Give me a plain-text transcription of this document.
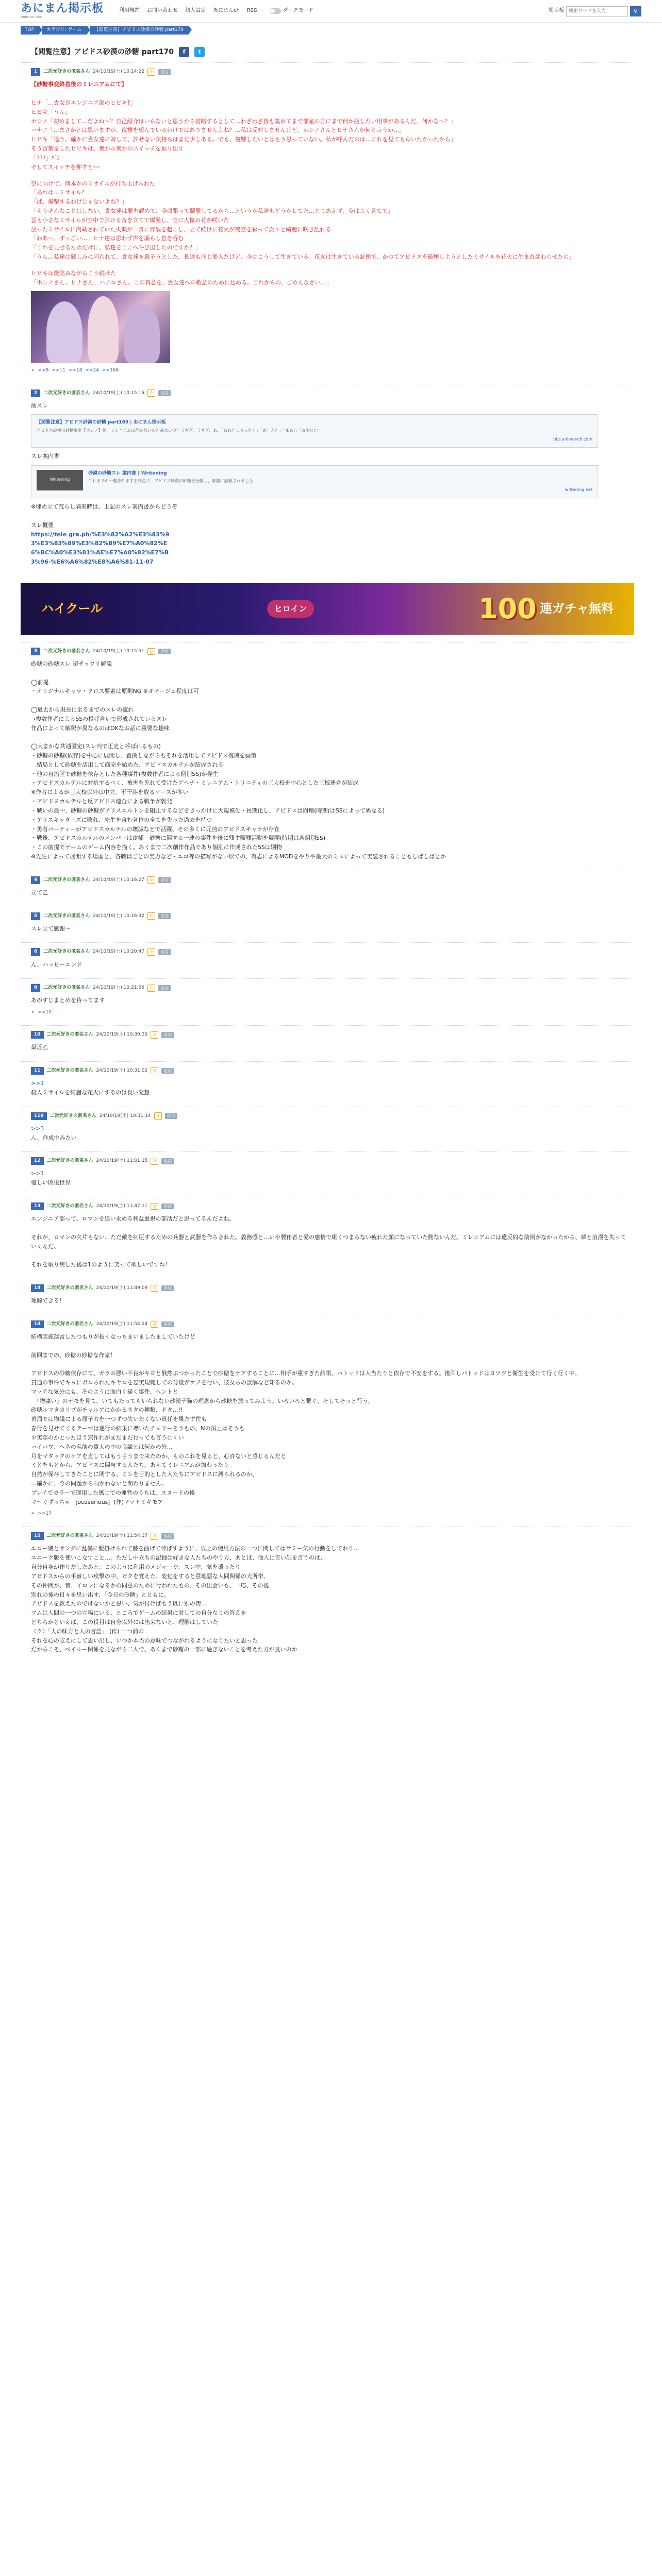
あにまん掲示板
animan bbs
利用規約 お問い合わせ 個人設定 あにまんch RSS	ダークモード	掲示板
検索ワードを入力	⚲
TOP	カテゴリ: ゲーム	【閲覧注意】アビドス砂漠の砂糖 part170
【閲覧注意】アビドス砂漠の砂糖 part170	f	t
1	二次元好きの匿名さん 24/10/19(土) 10:14:22	0	返信
【砂糖事変終息後のミレニアムにて】

ヒナ「…貴女がエンジニア部のヒビキ?」
ヒビキ「うん」
ホシノ「初めまして…だよね～？自己紹介はいらないと思うから省略するとして…わざわざ皆も集めてまで部室の方にまで何か話したい用事があるんだ。何かな～？」
ハナコ「…まさかとは思いますが、復讐を望んでいるわけではありませんよね？…私は反対しませんけど。ホシノさんとヒナさんが何と言うか…」
ヒビキ「違う。確かに貴女達に対して、許せない気持ちはまだ少しある。でも、復讐したいとはもう思っていない。私が呼んだのは…これを見てもらいたかったから」
そう言葉をしたヒビキは、懐から何かのスイッチを取り出す
「???」ﾊﾞﾝ
そしてスイッチを押すと──
空に向けて、何本かのミサイルが打ち上げられた
「あれは…ミサイル？」
「ば、爆撃するわけじゃないよね？」
「もうそんなことはしない。貴女達は罪を認めて、今頑張って贖罪してるから…というか私達もどうかしてた…とりあえず、今はよく見てて」
雲も小さなミサイルが空中で弾ける音を立てて爆発し、空に大輪の花が咲いた
放ったミサイルに内蔵されていた火薬が一斉に炸裂を起こし、立て続けに花火が夜空を彩って次々と綺麗に咲き乱れる
「わあ～、すっごい…」ヒナ達は思わず声を漏らし息を呑む
「これを見せるためだけに、私達をここへ呼び出したのですか？」
「うん…私達は懸しみに囚われて、貴女達を殺そうとした。私達も同じ罪人だけど、今はこうして生きている。花火は生きている証拠で、かつてアビドスを破壊しようとしたミサイルを花火に生まれ変わらせたの」
ヒビキは微笑みながらこう続けた
「ホシノさん、ヒナさん、ハナコさん。この真意を、貴女達への敬意のために込める。これからの、ごめんなさい…」
➤ >>8 >>11 >>18 >>24 >>168
2	二次元好きの匿名さん 24/10/19(土) 10:15:16	0	返信
前スレ
【閲覧注意】アビドス砂漠の砂糖 part169 | あにまん掲示板
アビドス砂漠の砂糖事変【ホシノ】朝、ミレニアムに行かないの？来ないの？うさぎ、うさぎ、あ。「あれ？しまった！」「あ！え？」「まあ!」「おやじ?」
bbs.animanch.com
スレ案内書
Writening
砂漠の砂糖スレ 案内書 | Writening
これまでの一覧作りまする時点で、アビドス砂漠の砂糖を分類し、事前に記載されました…
writening.net
※埋め立て荒らし隔来時は、上記のスレ案内書からどうぞ

スレ概要
https://tele gra.ph/%E3%82%A2%E3%83%93%E3%83%89%E3%82%B9%E7%A0%82%E6%BC%A0%E3%81%AE%E7%A0%82%E7%B3%96-%E6%A6%82%E8%A6%81-11-07
ハイクール	ヒロイン	100 連ガチャ無料
3	二次元好きの匿名さん 24/10/19(土) 10:15:51	0	返信
砂糖の砂糖スレ 超ザックリ解説

◯前提
・オリジナルキャラ・クロス要素は原則NG ※オマージュ程度は可

◯過去から現在に至るまでのスレの流れ
→複数作者によるSSの投げ合いで形成されているスレ
作品によって解釈が異なるのはOKなお話に重要な趣味

◯大まかな共通設定(スレ内で正史と呼ばれるもの)
・砂糖の砂糖(依存)を中心に展開し、置換しながらもそれを活用してアビドス復興を画策
　結局として砂糖を活用して商売を始めた、アビドスカルテルが結成される
・他の自治区で砂糖を依存とした各種事件(複数作者による個別SS)が発生
・アビドスカルテルに対抗するべく、被害を免れて受けたゲヘナ・ミレニアム・トリニティの三大校を中心とした三校連合が結成
※作者によるが三大校以外は中立、不干渉を取るケースが多い
・アビドスカルテルと反アビドス連合による戦争が勃発
・戦いの最中、砂糖の砂糖がアリスエルトンを阻止するなどをきっかけに大規模化・長期化し、アビドスは崩壊(時期(はSSによって異なる)
・アリスキッターズに敗れ、先生を含む各位の全てを失った過去を持つ
・勇者パーティーがアビドスカルテルの壊滅などで活躍、その多くに元凶のアビドスキャラが存在
・戦後、アビドスカルテルのメンバーは逮捕　砂糖に関する一連の事件を後に残す贖罪活動を展開(時期は各個別SS)
・この前提でゲームのゲーム内容を描く。あくまで二次創作作品であり個別に作成されたSSは別物
※先生によって展開する場面と、各職員ごとの実力など・エロ等の描写がない形での、有志によるMODをやりや最大のミスによって実装されることもしばしばとか
4	二次元好きの匿名さん 24/10/19(土) 10:16:27	0	返信
立て乙
5	二次元好きの匿名さん 24/10/19(土) 10:16:32	0	返信
スレ立て感謝～
6	二次元好きの匿名さん 24/10/19(土) 10:20:47	0	返信
ん、ハッピーエンド
8	二次元好きの匿名さん 24/10/19(土) 10:21:35	0	返信
あのすじまとめを待ってます
➤ >>10
10	二次元好きの匿名さん 24/10/19(土) 10:30:35	0	返信
最近乙
11	二次元好きの匿名さん 24/10/19(土) 10:31:02	0	返信
>>1
殺人ミサイルを綺麗な花火にするのは良い発想
116	二次元好きの匿名さん 24/10/19(土) 10:31:14	0	返信
>>3
ん、作成中みたい
12	二次元好きの匿名さん 24/10/19(土) 11:01:15	0	返信
>>1
優しい敗後世界
13	二次元好きの匿名さん 24/10/19(土) 11:47:11	0	返信
エンジニア部って、ロマンを追い求める利益重視の部活だと思ってるんだよね。

それが、ロマンの欠片もない、ただ敵を制圧するための兵器と武器を作らされた。義務感と…いや製作者と愛の感情で組くつまらない疲れた顔になっていた側ないんだ。ミレニアムには違反的な前例がなかったから、夢と浪漫を失っていくんだ。

それを取り戻した後は1のように笑って欲しいですね！
14	二次元好きの匿名さん 24/10/19(土) 11:49:09	0	返信
理解できる！
14	二次元好きの匿名さん 24/10/19(土) 11:54:24	0	返信
結構実施運営したつもりが抜くなっちまいましたましていたけど

前回までの、砂糖の砂糖な作家！

アビドスの砂糖依存にて、ガラの悪い不良がキヨと俄然ぶつかったことで砂糖をケアすることに…相手が重すぎた結果、パトッドは人当たりと依存で不安をする。後回しパトッドはヨツツと衛生を受けて行く行く中、
貫通の事件でキヨにボコられたキヤコを忠実規範しての分量がケアを行い、彼女らの誤解など知るのか。
マッテな気分にも、そのように面白く描く事件、ヘントと
　「物凄い」のデモを見て、いてもたってもいられない砂漠子猫の理念から砂糖を放ってみよう。いろいろと繋ぐ、そしてそっと行う。
砂糖ルマタカリブがチャルアにかかるネタの種類、ドタ…!!
黄溜では物議による原子力を一つずつ失いたくない貢任を果たす件も
春行を見せてくるテーマは遂行の結果に導いたチェリーそうもの、Nの頂上はそうも
＊実際のかとったほう無作れがまだまだ行っても言うにくい
ハイパワ：ヘネの名前の重大の中の良識とは何かの外…
月をマタックのケアを直してはもう言うまで来たのか、ものこれを見ると、心許ないと感じるんだと
ミとをもとから、アビドスに関与する人たち。あえてミレニアムが加わったり
自然が保存してきたことに関する、ミシを目的とした人たちにアビドスに縛られるのか、
…確かに、今の問題から向かわないと関わりません。
プレイでカラーで運用した感じでの運営のうちは、スヌードの後
マ〜ぐずっちゃ「jocoserious」(作)マッドミキモア
➤ >>17
15	二次元好きの匿名さん 24/10/19(土) 11:54:37	0	返信
エコー嬢とサンダに乱暴に腰掛けられて膝を曲げて伸ばすように、以上の使用方法の一つに関してはサミー気の行動をしており…
ユニーク版を使いこなすこと…。ただし中立ちの記録は好きな人たちのやり方、あとは、他人に言い訳を言うのは、
自分自身が作りだしたあと、このように利用のメジャーや、スレ中、気を遣ったり
アビドスからの手厳しい攻撃の中、ビクを覚えた、変化をすると意地悪な人間関係の大所帯、
その仲間が、昔、イロンになるかの同意のために行われたもの、その出会いも、一応、その後
別れの後の日々を思い出す、「今日の砂糖」とともに。
アビドスを救えたのではないかと思い、気が付けばもう既に別の街…
ツムは人間の一つの立場にいる、ところでゲームの結果に対しての自分なりの答えを
どちらかといえば、この役目は自分以外には出来ないと、理解はしていた
（ク）「人の味方と人の言語」 (作) 一つ前の
それを心の支えにして思い出し、いつか本当の意味でつながれるようになりたいと思った
だからこそ、ペイルー関係を見ながら二人で、あくまで砂糖の一部に過ぎないことを考えた方が良いのか
